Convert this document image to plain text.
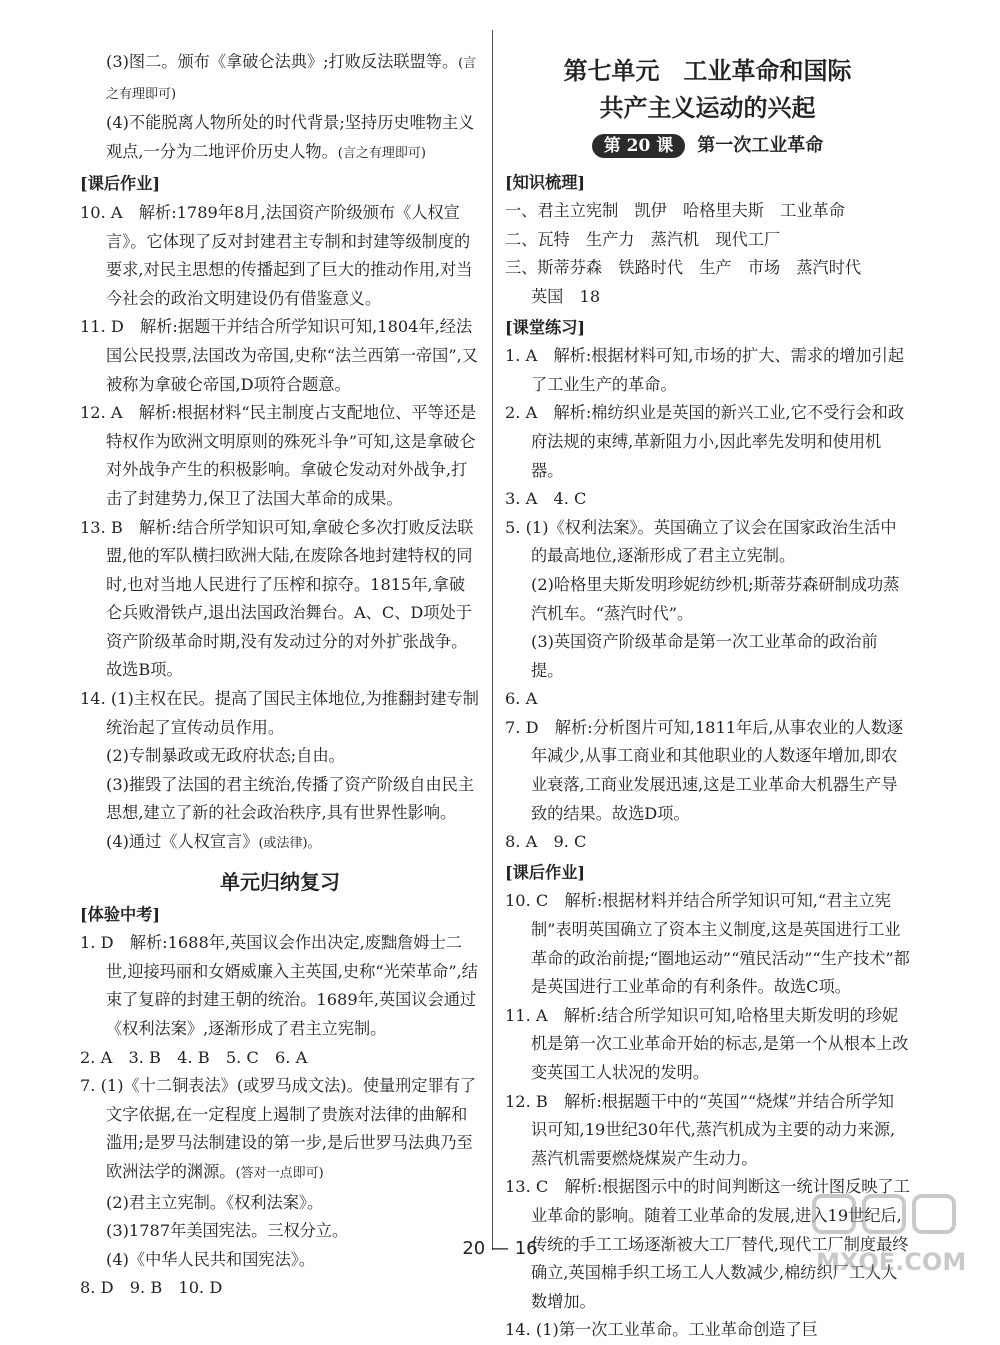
(3)图二。颁布《拿破仑法典》;打败反法联盟等。(言之有理即可)

(4)不能脱离人物所处的时代背景;坚持历史唯物主义观点,一分为二地评价历史人物。(言之有理即可)

[课后作业]

10. A　解析:1789年8月,法国资产阶级颁布《人权宣言》。它体现了反对封建君主专制和封建等级制度的要求,对民主思想的传播起到了巨大的推动作用,对当今社会的政治文明建设仍有借鉴意义。

11. D　解析:据题干并结合所学知识可知,1804年,经法国公民投票,法国改为帝国,史称“法兰西第一帝国”,又被称为拿破仑帝国,D项符合题意。

12. A　解析:根据材料“民主制度占支配地位、平等还是特权作为欧洲文明原则的殊死斗争”可知,这是拿破仑对外战争产生的积极影响。拿破仑发动对外战争,打击了封建势力,保卫了法国大革命的成果。

13. B　解析:结合所学知识可知,拿破仑多次打败反法联盟,他的军队横扫欧洲大陆,在废除各地封建特权的同时,也对当地人民进行了压榨和掠夺。1815年,拿破仑兵败滑铁卢,退出法国政治舞台。A、C、D项处于资产阶级革命时期,没有发动过分的对外扩张战争。故选B项。

14. (1)主权在民。提高了国民主体地位,为推翻封建专制统治起了宣传动员作用。

(2)专制暴政或无政府状态;自由。

(3)摧毁了法国的君主统治,传播了资产阶级自由民主思想,建立了新的社会政治秩序,具有世界性影响。

(4)通过《人权宣言》(或法律)。

单元归纳复习

[体验中考]

1. D　解析:1688年,英国议会作出决定,废黜詹姆士二世,迎接玛丽和女婿威廉入主英国,史称“光荣革命”,结束了复辟的封建王朝的统治。1689年,英国议会通过《权利法案》,逐渐形成了君主立宪制。

2. A　3. B　4. B　5. C　6. A

7. (1)《十二铜表法》(或罗马成文法)。使量刑定罪有了文字依据,在一定程度上遏制了贵族对法律的曲解和滥用;是罗马法制建设的第一步,是后世罗马法典乃至欧洲法学的渊源。(答对一点即可)

(2)君主立宪制。《权利法案》。

(3)1787年美国宪法。三权分立。

(4)《中华人民共和国宪法》。

8. D　9. B　10. D

第七单元　工业革命和国际
共产主义运动的兴起
第 20 课	第一次工业革命

[知识梳理]

一、君主立宪制　凯伊　哈格里夫斯　工业革命

二、瓦特　生产力　蒸汽机　现代工厂

三、斯蒂芬森　铁路时代　生产　市场　蒸汽时代

英国　18

[课堂练习]

1. A　解析:根据材料可知,市场的扩大、需求的增加引起了工业生产的革命。

2. A　解析:棉纺织业是英国的新兴工业,它不受行会和政府法规的束缚,革新阻力小,因此率先发明和使用机器。

3. A　4. C

5. (1)《权利法案》。英国确立了议会在国家政治生活中的最高地位,逐渐形成了君主立宪制。

(2)哈格里夫斯发明珍妮纺纱机;斯蒂芬森研制成功蒸汽机车。“蒸汽时代”。

(3)英国资产阶级革命是第一次工业革命的政治前提。

6. A

7. D　解析:分析图片可知,1811年后,从事农业的人数逐年减少,从事工商业和其他职业的人数逐年增加,即农业衰落,工商业发展迅速,这是工业革命大机器生产导致的结果。故选D项。

8. A　9. C

[课后作业]

10. C　解析:根据材料并结合所学知识可知,“君主立宪制”表明英国确立了资本主义制度,这是英国进行工业革命的政治前提;“圈地运动”“殖民活动”“生产技术”都是英国进行工业革命的有利条件。故选C项。

11. A　解析:结合所学知识可知,哈格里夫斯发明的珍妮机是第一次工业革命开始的标志,是第一个从根本上改变英国工人状况的发明。

12. B　解析:根据题干中的“英国”“烧煤”并结合所学知识可知,19世纪30年代,蒸汽机成为主要的动力来源,蒸汽机需要燃烧煤炭产生动力。

13. C　解析:根据图示中的时间判断这一统计图反映了工业革命的影响。随着工业革命的发展,进入19世纪后,传统的手工工场逐渐被大工厂替代,现代工厂制度最终确立,英国棉手织工场工人人数减少,棉纺织厂工人人数增加。

14. (1)第一次工业革命。工业革命创造了巨

20 — 16	MXQE.COM
